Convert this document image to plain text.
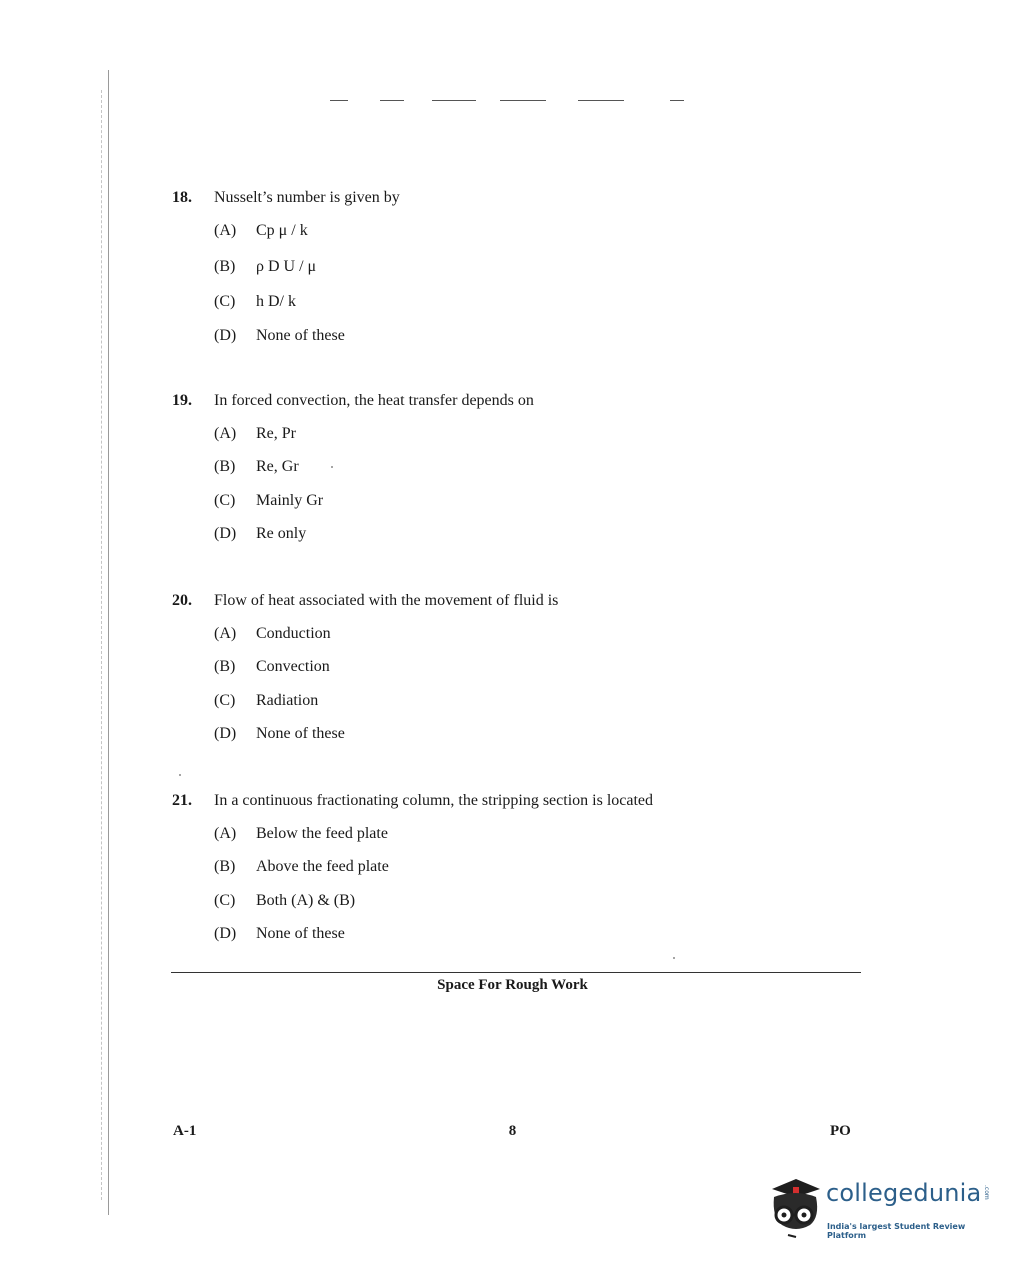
18. Nusselt’s number is given by
(A) Cp μ / k
(B) ρ D U / μ
(C) h D/ k
(D) None of these
19. In forced convection, the heat transfer depends on
(A) Re, Pr
(B) Re, Gr
(C) Mainly Gr
(D) Re only
20. Flow of heat associated with the movement of fluid is
(A) Conduction
(B) Convection
(C) Radiation
(D) None of these
21. In a continuous fractionating column, the stripping section is located
(A) Below the feed plate
(B) Above the feed plate
(C) Both (A) & (B)
(D) None of these
Space For Rough Work
A-1	8	PO
collegedunia .com
India's largest Student Review Platform
